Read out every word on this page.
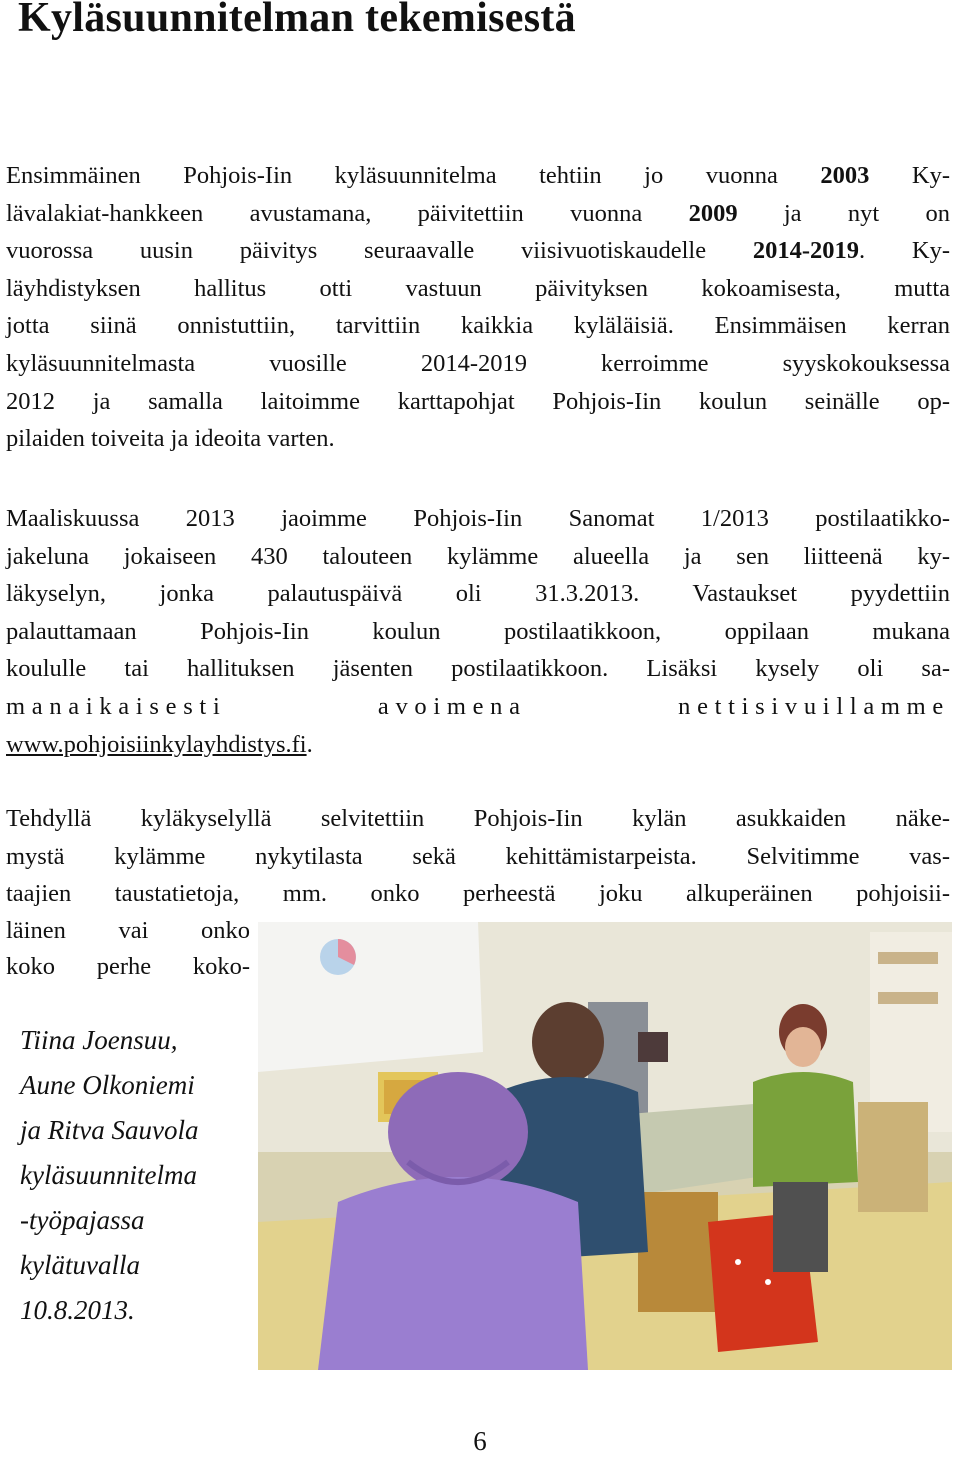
Kyläsuunnitelman tekemisestä
Ensimmäinen Pohjois-Iin kyläsuunnitelma tehtiin jo vuonna 2003 Ky-
lävalakiat-hankkeen avustamana, päivitettiin vuonna 2009 ja nyt on
vuorossa uusin päivitys seuraavalle viisivuotiskaudelle 2014-2019. Ky-
läyhdistyksen hallitus otti vastuun päivityksen kokoamisesta, mutta
jotta siinä onnistuttiin, tarvittiin kaikkia kyläläisiä. Ensimmäisen kerran
kyläsuunnitelmasta vuosille 2014-2019 kerroimme syyskokouksessa
2012 ja samalla laitoimme karttapohjat Pohjois-Iin koulun seinälle op-
pilaiden toiveita ja ideoita varten.
Maaliskuussa 2013 jaoimme Pohjois-Iin Sanomat 1/2013 postilaatikko-
jakeluna jokaiseen 430 talouteen kylämme alueella ja sen liitteenä ky-
läkyselyn, jonka palautuspäivä oli 31.3.2013. Vastaukset pyydettiin
palauttamaan Pohjois-Iin koulun postilaatikkoon, oppilaan mukana
koululle tai hallituksen jäsenten postilaatikkoon. Lisäksi kysely oli sa-
manaikaisesti avoimena nettisivuillamme
www.pohjoisiinkylayhdistys.fi.
Tehdyllä kyläkyselyllä selvitettiin Pohjois-Iin kylän asukkaiden näke-
mystä kylämme nykytilasta sekä kehittämistarpeista. Selvitimme vas-
taajien taustatietoja, mm. onko perheestä joku alkuperäinen pohjoisii-
läinen vai onko
koko perhe koko-
Tiina Joensuu,
Aune Olkoniemi
ja Ritva Sauvola
kyläsuunnitelma
-työpajassa
kylätuvalla
10.8.2013.
6
